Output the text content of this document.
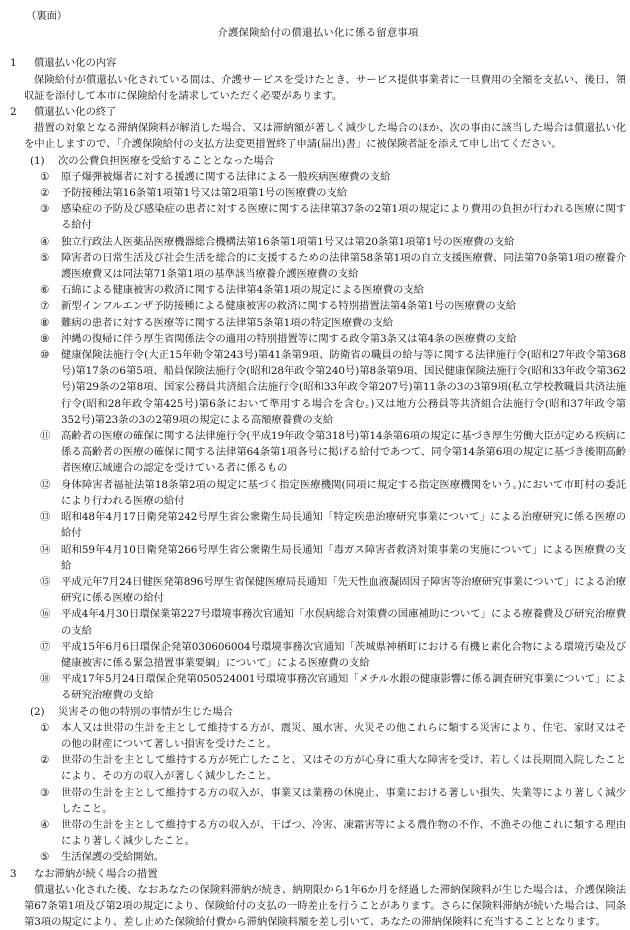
（裏面）
介護保険給付の償還払い化に係る留意事項
1 償還払い化の内容
保険給付が償還払い化されている間は、介護サービスを受けたとき、サービス提供事業者に一旦費用の全額を支払い、後日、領収証を添付して本市に保険給付を請求していただく必要があります。
2 償還払い化の終了
措置の対象となる滞納保険料が解消した場合、又は滞納額が著しく減少した場合のほか、次の事由に該当した場合は償還払い化を中止しますので、「介護保険給付の支払方法変更措置終了申請(届出)書」に被保険者証を添えて申し出てください。
(1) 次の公費負担医療を受給することとなった場合
① 原子爆弾被爆者に対する援護に関する法律による一般疾病医療費の支給
② 予防接種法第16条第1項第1号又は第2項第1号の医療費の支給
③ 感染症の予防及び感染症の患者に対する医療に関する法律第37条の2第1項の規定により費用の負担が行われる医療に関する給付
④ 独立行政法人医薬品医療機器総合機構法第16条第1項第1号又は第20条第1項第1号の医療費の支給
⑤ 障害者の日常生活及び社会生活を総合的に支援するための法律第58条第1項の自立支援医療費、同法第70条第1項の療養介護医療費又は同法第71条第1項の基準該当療養介護医療費の支給
⑥ 石綿による健康被害の救済に関する法律第4条第1項の規定による医療費の支給
⑦ 新型インフルエンザ予防接種による健康被害の救済に関する特別措置法第4条第1号の医療費の支給
⑧ 難病の患者に対する医療等に関する法律第5条第1項の特定医療費の支給
⑨ 沖縄の復帰に伴う厚生省関係法令の適用の特別措置等に関する政令第3条又は第4条の医療費の支給
⑩ 健康保険法施行令(大正15年勅令第243号)第41条第9項、防衛省の職員の給与等に関する法律施行令(昭和27年政令第368号)第17条の6第5項、船員保険法施行令(昭和28年政令第240号)第8条第9項、国民健康保険法施行令(昭和33年政令第362号)第29条の2第8項、国家公務員共済組合法施行令(昭和33年政令第207号)第11条の3の3第9項(私立学校教職員共済法施行令(昭和28年政令第425号)第6条において準用する場合を含む。)又は地方公務員等共済組合法施行令(昭和37年政令第352号)第23条の3の2第9項の規定による高額療養費の支給
⑪ 高齢者の医療の確保に関する法律施行令(平成19年政令第318号)第14条第6項の規定に基づき厚生労働大臣が定める疾病に係る高齢者の医療の確保に関する法律第64条第1項各号に掲げる給付であつて、同令第14条第6項の規定に基づき後期高齢者医療広域連合の認定を受けている者に係るもの
⑫ 身体障害者福祉法第18条第2項の規定に基づく指定医療機関(同項に規定する指定医療機関をいう。)において市町村の委託により行われる医療の給付
⑬ 昭和48年4月17日衛発第242号厚生省公衆衛生局長通知「特定疾患治療研究事業について」による治療研究に係る医療の給付
⑭ 昭和59年4月10日衛発第266号厚生省公衆衛生局長通知「毒ガス障害者救済対策事業の実施について」による医療費の支給
⑮ 平成元年7月24日健医発第896号厚生省保健医療局長通知「先天性血液凝固因子障害等治療研究事業について」による治療研究に係る医療の給付
⑯ 平成4年4月30日環保業第227号環境事務次官通知「水俣病総合対策費の国庫補助について」による療養費及び研究治療費の支給
⑰ 平成15年6月6日環保企発第030606004号環境事務次官通知「茨城県神栖町における有機ヒ素化合物による環境汚染及び健康被害に係る緊急措置事業要綱」について」による医療費の支給
⑱ 平成17年5月24日環保企発第050524001号環境事務次官通知「メチル水銀の健康影響に係る調査研究事業について」による研究治療費の支給
(2) 災害その他の特別の事情が生じた場合
① 本人又は世帯の生計を主として維持する方が、震災、風水害、火災その他これらに類する災害により、住宅、家財又はその他の財産について著しい損害を受けたこと。
② 世帯の生計を主として維持する方が死亡したこと、又はその方が心身に重大な障害を受け、若しくは長期間入院したことにより、その方の収入が著しく減少したこと。
③ 世帯の生計を主として維持する方の収入が、事業又は業務の休廃止、事業における著しい損失、失業等により著しく減少したこと。
④ 世帯の生計を主として維持する方の収入が、干ばつ、冷害、凍霜害等による農作物の不作、不漁その他これに類する理由により著しく減少したこと。
⑤ 生活保護の受給開始。
3 なお滞納が続く場合の措置
償還払い化された後、なおあなたの保険料滞納が続き、納期限から1年6か月を経過した滞納保険料が生じた場合は、介護保険法第67条第1項及び第2項の規定により、保険給付の支払の一時差止を行うことがあります。さらに保険料滞納が続いた場合は、同条第3項の規定により、差し止めた保険給付費から滞納保険料額を差し引いて、あなたの滞納保険料に充当することとなります。
